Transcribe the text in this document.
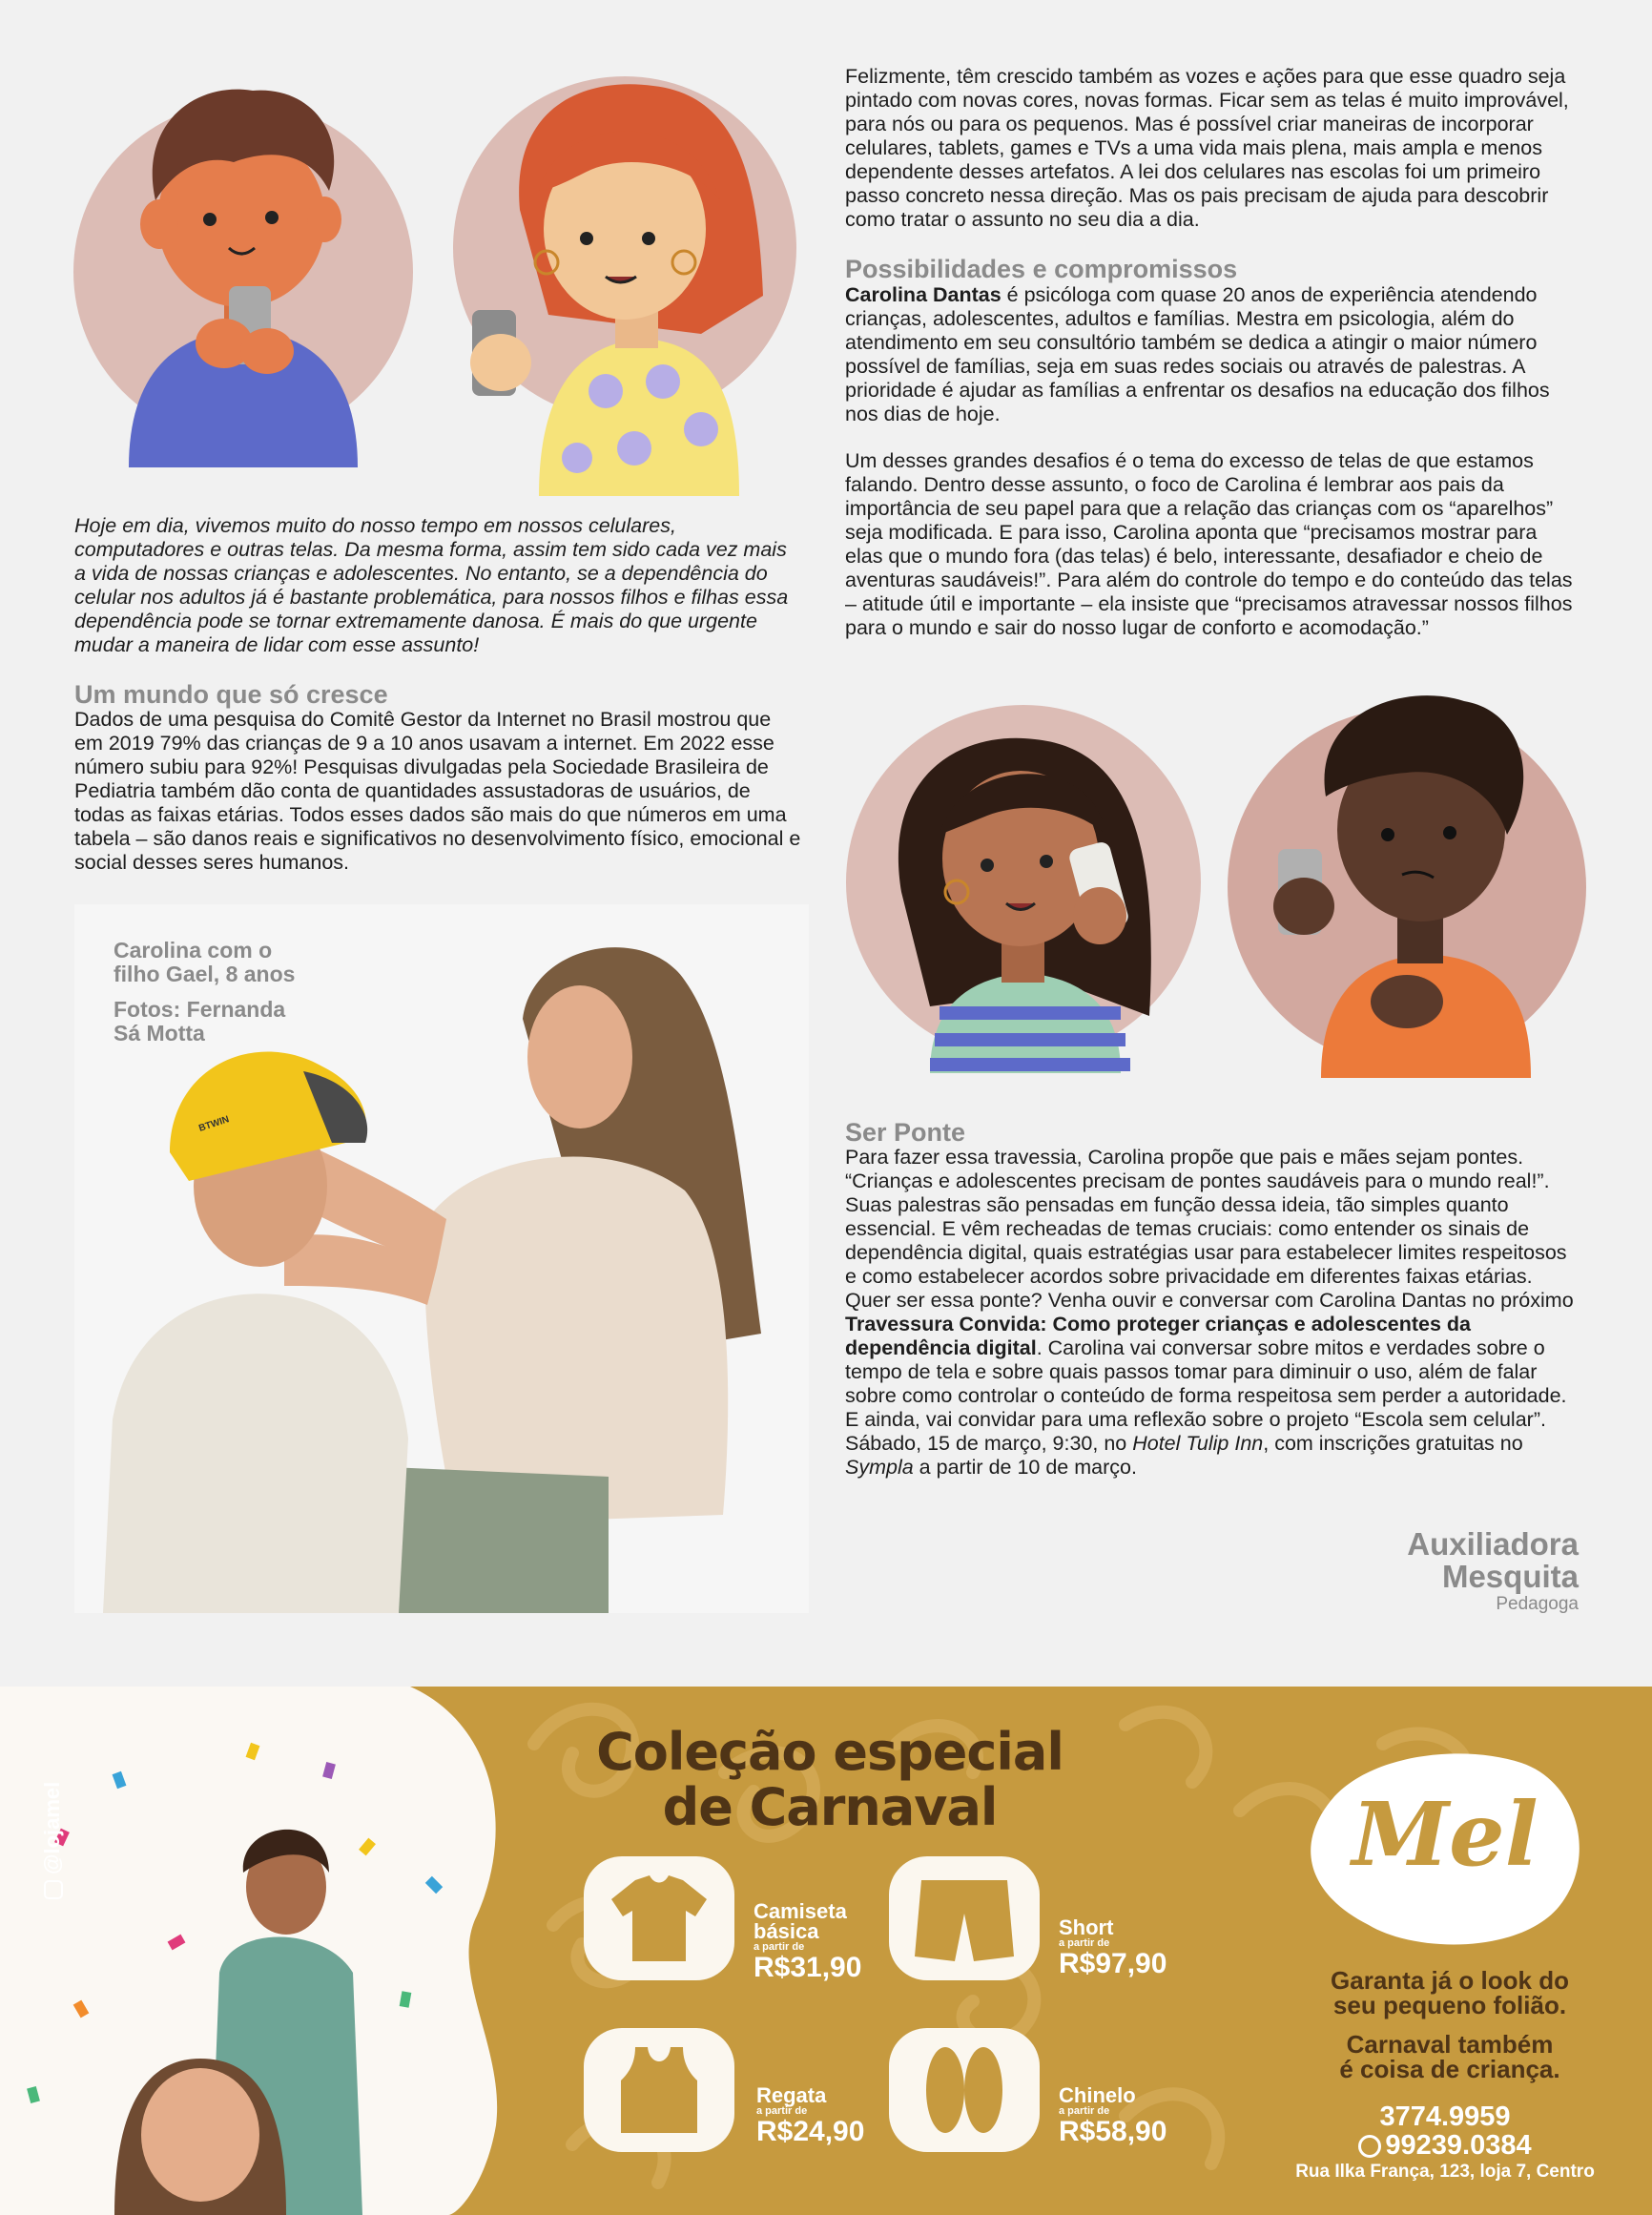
Hoje em dia, vivemos muito do nosso tempo em nossos celulares, computadores e outras telas. Da mesma forma, assim tem sido cada vez mais a vida de nossas crianças e adolescentes. No entanto, se a dependência do celular nos adultos já é bastante problemática, para nossos filhos e filhas essa dependência pode se tornar extremamente danosa. É mais do que urgente mudar a maneira de lidar com esse assunto!

Um mundo que só cresce

Dados de uma pesquisa do Comitê Gestor da Internet no Brasil mostrou que em 2019 79% das crianças de 9 a 10 anos usavam a internet. Em 2022 esse número subiu para 92%! Pesquisas divulgadas pela Sociedade Brasileira de Pediatria também dão conta de quantidades assustadoras de usuários, de todas as faixas etárias. Todos esses dados são mais do que números em uma tabela – são danos reais e significativos no desenvolvimento físico, emocional e social desses seres humanos.

BTWIN
Carolina com o
filho Gael, 8 anos
Fotos: Fernanda
Sá Motta

Felizmente, têm crescido também as vozes e ações para que esse quadro seja pintado com novas cores, novas formas. Ficar sem as telas é muito improvável, para nós ou para os pequenos. Mas é possível criar maneiras de incorporar celulares, tablets, games e TVs a uma vida mais plena, mais ampla e menos dependente desses artefatos. A lei dos celulares nas escolas foi um primeiro passo concreto nessa direção. Mas os pais precisam de ajuda para descobrir como tratar o assunto no seu dia a dia.

Possibilidades e compromissos

Carolina Dantas é psicóloga com quase 20 anos de experiência atendendo crianças, adolescentes, adultos e famílias. Mestra em psicologia, além do atendimento em seu consultório também se dedica a atingir o maior número possível de famílias, seja em suas redes sociais ou através de palestras. A prioridade é ajudar as famílias a enfrentar os desafios na educação dos filhos nos dias de hoje.

Um desses grandes desafios é o tema do excesso de telas de que estamos falando. Dentro desse assunto, o foco de Carolina é lembrar aos pais da importância de seu papel para que a relação das crianças com os “aparelhos” seja modificada. E para isso, Carolina aponta que “precisamos mostrar para elas que o mundo fora (das telas) é belo, interessante, desafiador e cheio de aventuras saudáveis!”. Para além do controle do tempo e do conteúdo das telas – atitude útil e importante – ela insiste que “precisamos atravessar nossos filhos para o mundo e sair do nosso lugar de conforto e acomodação.”

Ser Ponte

Para fazer essa travessia, Carolina propõe que pais e mães sejam pontes. “Crianças e adolescentes precisam de pontes saudáveis para o mundo real!”. Suas palestras são pensadas em função dessa ideia, tão simples quanto essencial. E vêm recheadas de temas cruciais: como entender os sinais de dependência digital, quais estratégias usar para estabelecer limites respeitosos e como estabelecer acordos sobre privacidade em diferentes faixas etárias. Quer ser essa ponte? Venha ouvir e conversar com Carolina Dantas no próximo Travessura Convida: Como proteger crianças e adolescentes da dependência digital. Carolina vai conversar sobre mitos e verdades sobre o tempo de tela e sobre quais passos tomar para diminuir o uso, além de falar sobre como controlar o conteúdo de forma respeitosa sem perder a autoridade. E ainda, vai convidar para uma reflexão sobre o projeto “Escola sem celular”. Sábado, 15 de março, 9:30, no Hotel Tulip Inn, com inscrições gratuitas no Sympla a partir de 10 de março.

Auxiliadora
Mesquita
Pedagoga
@lojamel
Coleção especial
de Carnaval
Camiseta
básica
a partir de
R$31,90
Short
a partir de
R$97,90
Regata
a partir de
R$24,90
Chinelo
a partir de
R$58,90
Mel
Garanta já o look do
seu pequeno folião.
Carnaval também
é coisa de criança.
3774.9959
99239.0384
Rua Ilka França, 123, loja 7, Centro
